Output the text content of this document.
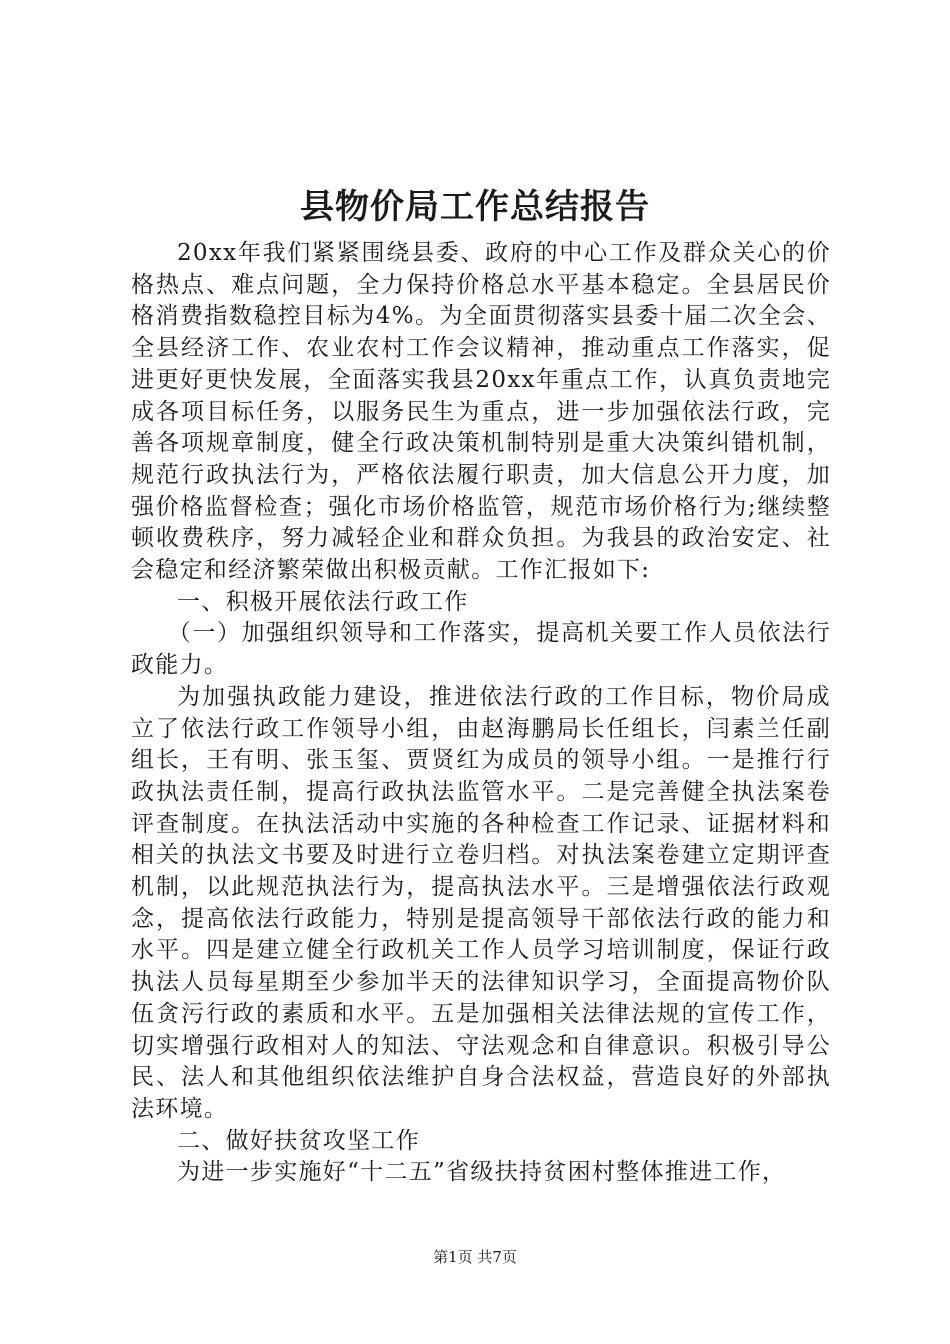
县物价局工作总结报告

20xx年我们紧紧围绕县委、政府的中心工作及群众关心的价格热点、难点问题，全力保持价格总水平基本稳定。全县居民价格消费指数稳控目标为4%。为全面贯彻落实县委十届二次全会、全县经济工作、农业农村工作会议精神，推动重点工作落实，促进更好更快发展，全面落实我县20xx年重点工作，认真负责地完成各项目标任务，以服务民生为重点，进一步加强依法行政，完善各项规章制度，健全行政决策机制特别是重大决策纠错机制，规范行政执法行为，严格依法履行职责，加大信息公开力度，加强价格监督检查；强化市场价格监管，规范市场价格行为;继续整顿收费秩序，努力减轻企业和群众负担。为我县的政治安定、社会稳定和经济繁荣做出积极贡献。工作汇报如下:

一、积极开展依法行政工作

（一）加强组织领导和工作落实，提高机关要工作人员依法行政能力。

为加强执政能力建设，推进依法行政的工作目标，物价局成立了依法行政工作领导小组，由赵海鹏局长任组长，闫素兰任副组长，王有明、张玉玺、贾贤红为成员的领导小组。一是推行行政执法责任制，提高行政执法监管水平。二是完善健全执法案卷评查制度。在执法活动中实施的各种检查工作记录、证据材料和相关的执法文书要及时进行立卷归档。对执法案卷建立定期评查机制，以此规范执法行为，提高执法水平。三是增强依法行政观念，提高依法行政能力，特别是提高领导干部依法行政的能力和水平。四是建立健全行政机关工作人员学习培训制度，保证行政执法人员每星期至少参加半天的法律知识学习，全面提高物价队伍贪污行政的素质和水平。五是加强相关法律法规的宣传工作，切实增强行政相对人的知法、守法观念和自律意识。积极引导公民、法人和其他组织依法维护自身合法权益，营造良好的外部执法环境。

二、做好扶贫攻坚工作

为进一步实施好“十二五”省级扶持贫困村整体推进工作，

第1页 共7页
